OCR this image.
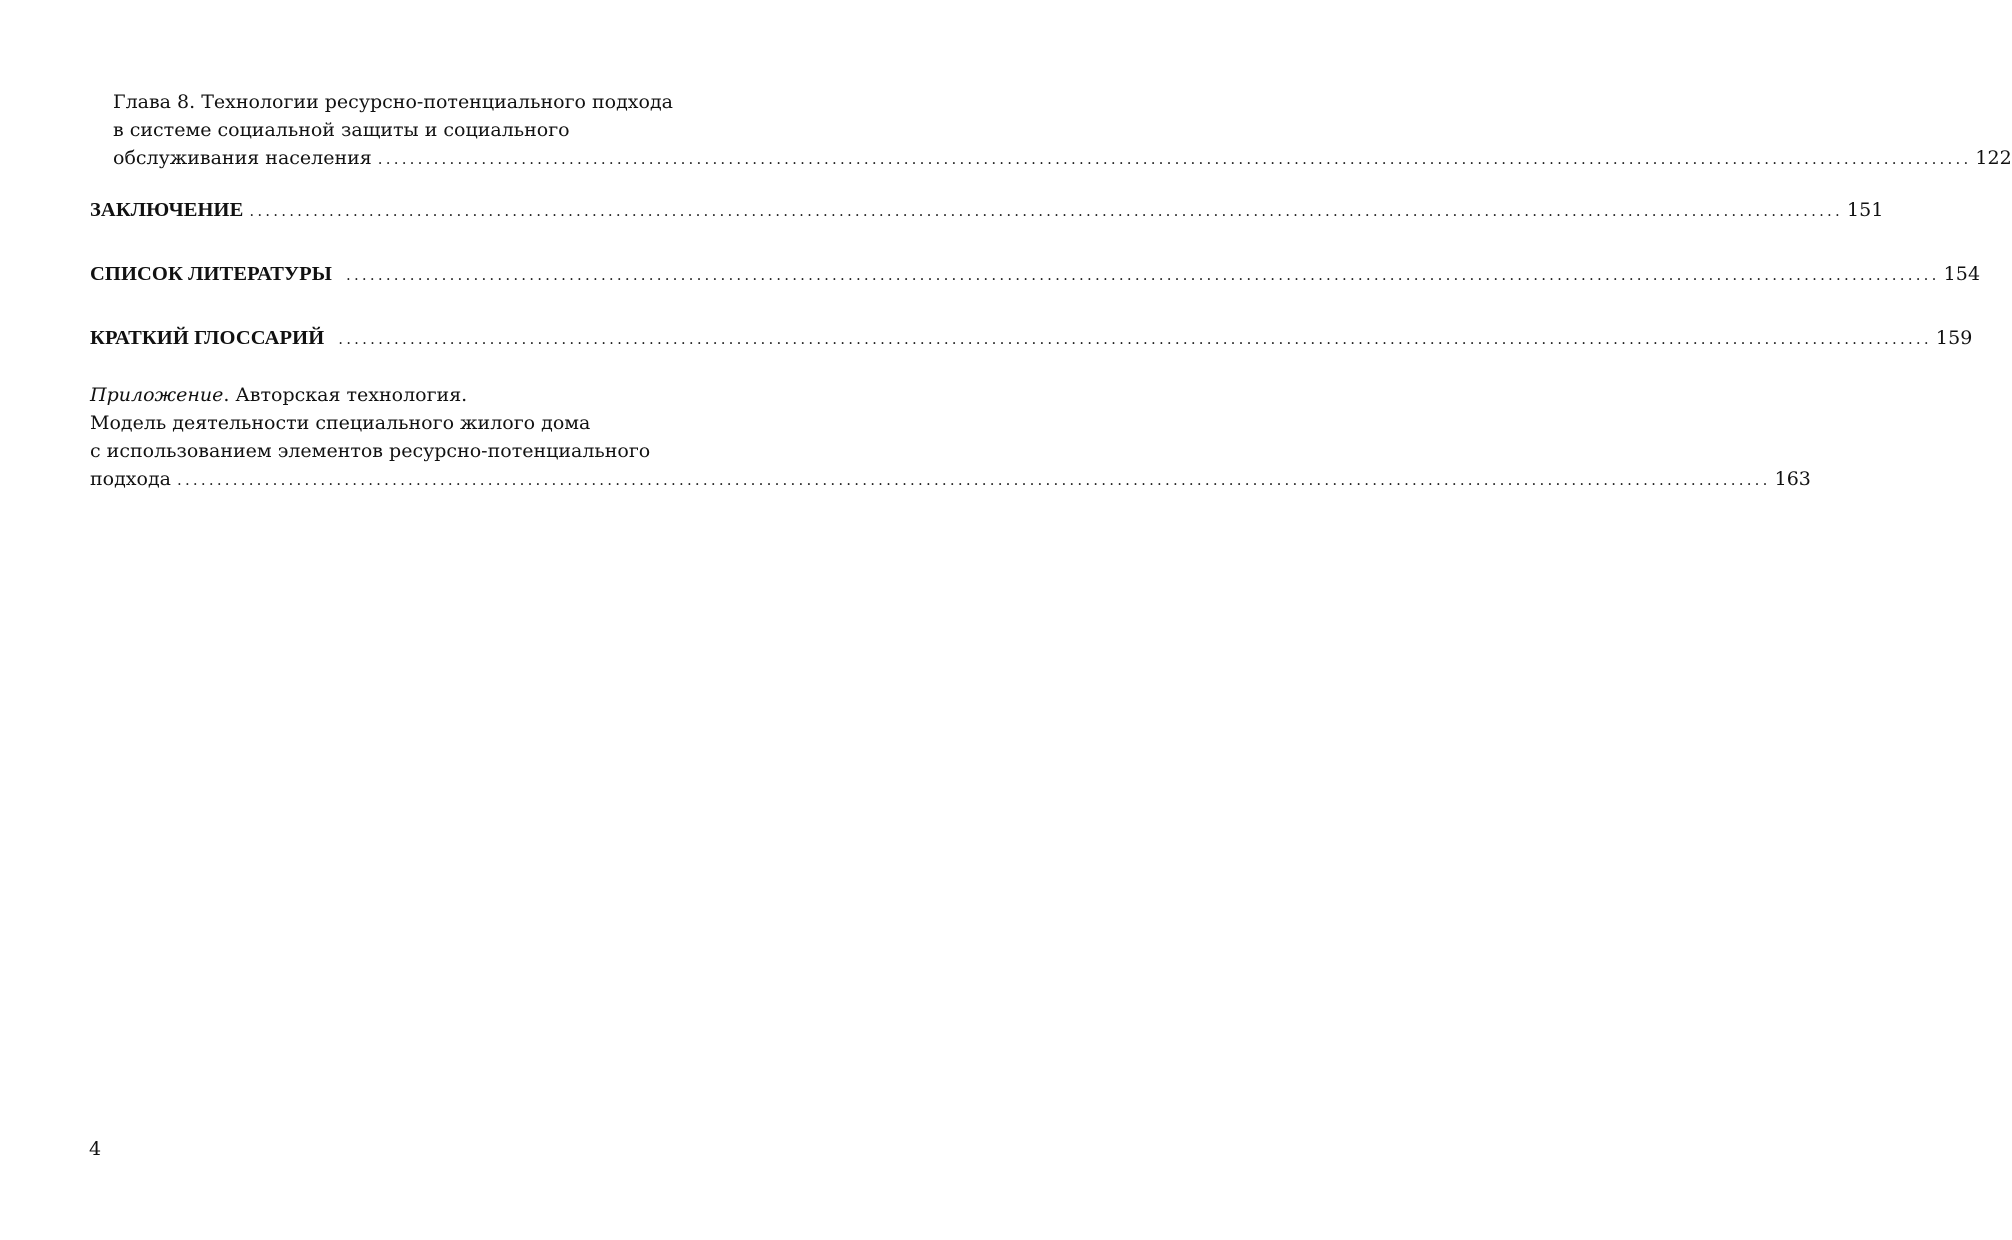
Глава 8. Технологии ресурсно-потенциального подхода
в системе социальной защиты и социального
обслуживания населения ........................................................................................................................................................................................................ 122
ЗАКЛЮЧЕНИЕ ........................................................................................................................................................................................................ 151
СПИСОК ЛИТЕРАТУРЫ ........................................................................................................................................................................................................ 154
КРАТКИЙ ГЛОССАРИЙ ........................................................................................................................................................................................................ 159
Приложение. Авторская технология.
Модель деятельности специального жилого дома
с использованием элементов ресурсно-потенциального
подхода ........................................................................................................................................................................................................ 163
4
